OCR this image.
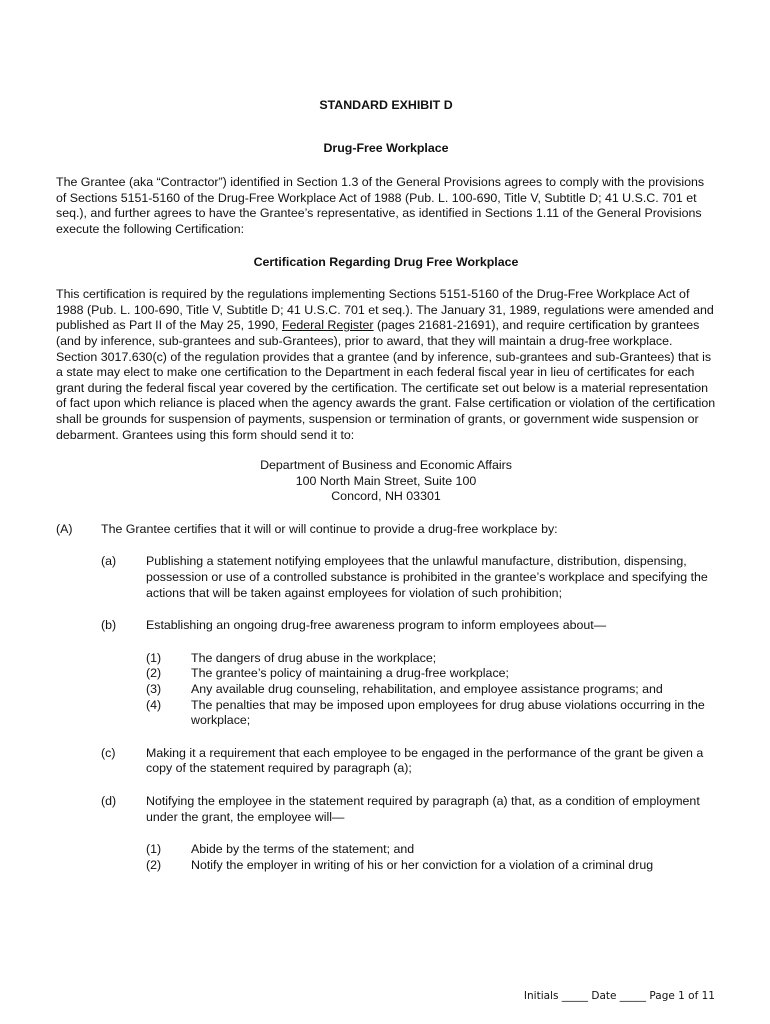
STANDARD EXHIBIT D

Drug-Free Workplace

The Grantee (aka “Contractor”) identified in Section 1.3 of the General Provisions agrees to comply with the provisions of Sections 5151-5160 of the Drug-Free Workplace Act of 1988 (Pub. L. 100-690, Title V, Subtitle D; 41 U.S.C. 701 et seq.), and further agrees to have the Grantee’s representative, as identified in Sections 1.11 of the General Provisions execute the following Certification:

Certification Regarding Drug Free Workplace

This certification is required by the regulations implementing Sections 5151-5160 of the Drug-Free Workplace Act of 1988 (Pub. L. 100-690, Title V, Subtitle D; 41 U.S.C. 701 et seq.). The January 31, 1989, regulations were amended and published as Part II of the May 25, 1990, Federal Register (pages 21681-21691), and require certification by grantees (and by inference, sub-grantees and sub-Grantees), prior to award, that they will maintain a drug-free workplace. Section 3017.630(c) of the regulation provides that a grantee (and by inference, sub-grantees and sub-Grantees) that is a state may elect to make one certification to the Department in each federal fiscal year in lieu of certificates for each grant during the federal fiscal year covered by the certification. The certificate set out below is a material representation of fact upon which reliance is placed when the agency awards the grant. False certification or violation of the certification shall be grounds for suspension of payments, suspension or termination of grants, or government wide suspension or debarment. Grantees using this form should send it to:

Department of Business and Economic Affairs
100 North Main Street, Suite 100
Concord, NH 03301
(A)	The Grantee certifies that it will or will continue to provide a drug-free workplace by:
(a)	Publishing a statement notifying employees that the unlawful manufacture, distribution, dispensing, possession or use of a controlled substance is prohibited in the grantee’s workplace and specifying the actions that will be taken against employees for violation of such prohibition;
(b)	Establishing an ongoing drug-free awareness program to inform employees about—
(1)	The dangers of drug abuse in the workplace;
(2)	The grantee’s policy of maintaining a drug-free workplace;
(3)	Any available drug counseling, rehabilitation, and employee assistance programs; and
(4)	The penalties that may be imposed upon employees for drug abuse violations occurring in the workplace;
(c)	Making it a requirement that each employee to be engaged in the performance of the grant be given a copy of the statement required by paragraph (a);
(d)	Notifying the employee in the statement required by paragraph (a) that, as a condition of employment under the grant, the employee will—
(1)	Abide by the terms of the statement; and
(2)	Notify the employer in writing of his or her conviction for a violation of a criminal drug
Initials _____ Date _____ Page 1 of 11
